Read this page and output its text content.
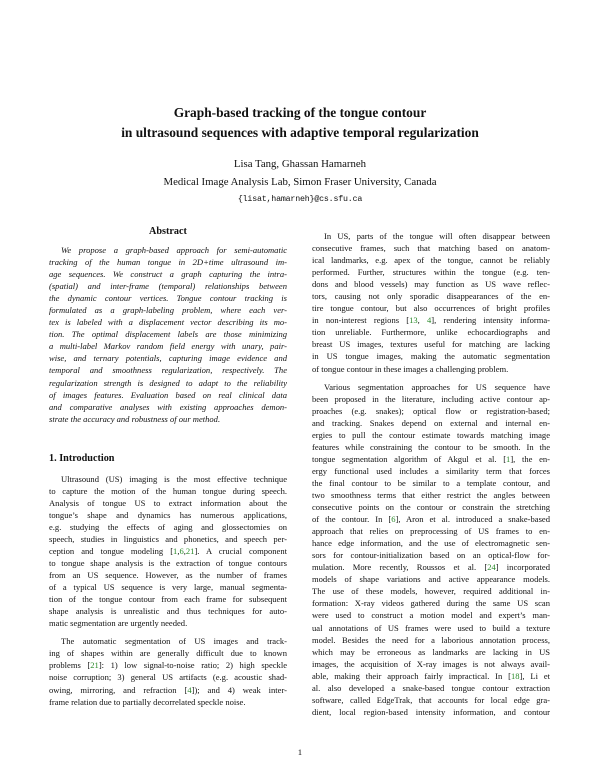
Graph-based tracking of the tongue contour
in ultrasound sequences with adaptive temporal regularization
Lisa Tang, Ghassan Hamarneh
Medical Image Analysis Lab, Simon Fraser University, Canada
{lisat,hamarneh}@cs.sfu.ca
Abstract
We propose a graph-based approach for semi-automatic
tracking of the human tongue in 2D+time ultrasound im-
age sequences. We construct a graph capturing the intra-
(spatial) and inter-frame (temporal) relationships between
the dynamic contour vertices. Tongue contour tracking is
formulated as a graph-labeling problem, where each ver-
tex is labeled with a displacement vector describing its mo-
tion. The optimal displacement labels are those minimizing
a multi-label Markov random field energy with unary, pair-
wise, and ternary potentials, capturing image evidence and
temporal and smoothness regularization, respectively. The
regularization strength is designed to adapt to the reliability
of images features. Evaluation based on real clinical data
and comparative analyses with existing approaches demon-
strate the accuracy and robustness of our method.
1. Introduction
Ultrasound (US) imaging is the most effective technique
to capture the motion of the human tongue during speech.
Analysis of tongue US to extract information about the
tongue’s shape and dynamics has numerous applications,
e.g. studying the effects of aging and glossectomies on
speech, studies in linguistics and phonetics, and speech per-
ception and tongue modeling [1,6,21]. A crucial component
to tongue shape analysis is the extraction of tongue contours
from an US sequence. However, as the number of frames
of a typical US sequence is very large, manual segmenta-
tion of the tongue contour from each frame for subsequent
shape analysis is unrealistic and thus techniques for auto-
matic segmentation are urgently needed.
The automatic segmentation of US images and track-
ing of shapes within are generally difficult due to known
problems [21]: 1) low signal-to-noise ratio; 2) high speckle
noise corruption; 3) general US artifacts (e.g. acoustic shad-
owing, mirroring, and refraction [4]); and 4) weak inter-
frame relation due to partially decorrelated speckle noise.
In US, parts of the tongue will often disappear between
consecutive frames, such that matching based on anatom-
ical landmarks, e.g. apex of the tongue, cannot be reliably
performed. Further, structures within the tongue (e.g. ten-
dons and blood vessels) may function as US wave reflec-
tors, causing not only sporadic disappearances of the en-
tire tongue contour, but also occurrences of bright profiles
in non-interest regions [13, 4], rendering intensity informa-
tion unreliable. Furthermore, unlike echocardiographs and
breast US images, textures useful for matching are lacking
in US tongue images, making the automatic segmentation
of tongue contour in these images a challenging problem.
Various segmentation approaches for US sequence have
been proposed in the literature, including active contour ap-
proaches (e.g. snakes); optical flow or registration-based;
and tracking. Snakes depend on external and internal en-
ergies to pull the contour estimate towards matching image
features while constraining the contour to be smooth. In the
tongue segmentation algorithm of Akgul et al. [1], the en-
ergy functional used includes a similarity term that forces
the final contour to be similar to a template contour, and
two smoothness terms that either restrict the angles between
consecutive points on the contour or constrain the stretching
of the contour. In [6], Aron et al. introduced a snake-based
approach that relies on preprocessing of US frames to en-
hance edge information, and the use of electromagnetic sen-
sors for contour-initialization based on an optical-flow for-
mulation. More recently, Roussos et al. [24] incorporated
models of shape variations and active appearance models.
The use of these models, however, required additional in-
formation: X-ray videos gathered during the same US scan
were used to construct a motion model and expert’s man-
ual annotations of US frames were used to build a texture
model. Besides the need for a laborious annotation process,
which may be erroneous as landmarks are lacking in US
images, the acquisition of X-ray images is not always avail-
able, making their approach fairly impractical. In [18], Li et
al. also developed a snake-based tongue contour extraction
software, called EdgeTrak, that accounts for local edge gra-
dient, local region-based intensity information, and contour
1
